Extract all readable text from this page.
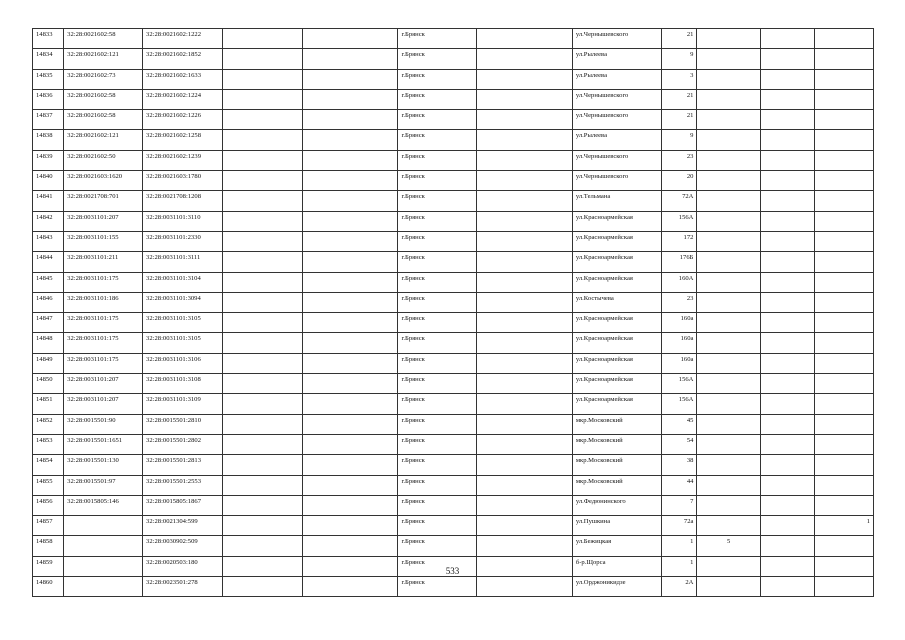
14833	32:28:0021602:58	32:28:0021602:1222			г.Брянск		ул.Чернышевского	21			
14834	32:28:0021602:121	32:28:0021602:1852			г.Брянск		ул.Рылеева	9			
14835	32:28:0021602:73	32:28:0021602:1633			г.Брянск		ул.Рылеева	3			
14836	32:28:0021602:58	32:28:0021602:1224			г.Брянск		ул.Чернышевского	21			
14837	32:28:0021602:58	32:28:0021602:1226			г.Брянск		ул.Чернышевского	21			
14838	32:28:0021602:121	32:28:0021602:1258			г.Брянск		ул.Рылеева	9			
14839	32:28:0021602:50	32:28:0021602:1239			г.Брянск		ул.Чернышевского	23			
14840	32:28:0021603:1620	32:28:0021603:1780			г.Брянск		ул.Чернышевского	20			
14841	32:28:0021708:701	32:28:0021708:1208			г.Брянск		ул.Тельмана	72А			
14842	32:28:0031101:207	32:28:0031101:3110			г.Брянск		ул.Красноармейская	156А			
14843	32:28:0031101:155	32:28:0031101:2330			г.Брянск		ул.Красноармейская	172			
14844	32:28:0031101:211	32:28:0031101:3111			г.Брянск		ул.Красноармейская	176Б			
14845	32:28:0031101:175	32:28:0031101:3104			г.Брянск		ул.Красноармейская	160А			
14846	32:28:0031101:186	32:28:0031101:3094			г.Брянск		ул.Костычева	23			
14847	32:28:0031101:175	32:28:0031101:3105			г.Брянск		ул.Красноармейская	160а			
14848	32:28:0031101:175	32:28:0031101:3105			г.Брянск		ул.Красноармейская	160а			
14849	32:28:0031101:175	32:28:0031101:3106			г.Брянск		ул.Красноармейская	160а			
14850	32:28:0031101:207	32:28:0031101:3108			г.Брянск		ул.Красноармейская	156А			
14851	32:28:0031101:207	32:28:0031101:3109			г.Брянск		ул.Красноармейская	156А			
14852	32:28:0015501:90	32:28:0015501:2810			г.Брянск		мкр.Московский	45			
14853	32:28:0015501:1651	32:28:0015501:2802			г.Брянск		мкр.Московский	54			
14854	32:28:0015501:130	32:28:0015501:2813			г.Брянск		мкр.Московский	38			
14855	32:28:0015501:97	32:28:0015501:2553			г.Брянск		мкр.Московский	44			
14856	32:28:0015805:146	32:28:0015805:1867			г.Брянск		ул.Федюнинского	7			
14857		32:28:0021304:599			г.Брянск		ул.Пушкина	72а			1
14858		32:28:0030902:509			г.Брянск		ул.Бежицкая	1	5		
14859		32:28:0020503:180			г.Брянск		б-р.Щорса	1			
14860		32:28:0023501:278			г.Брянск		ул.Орджоникидзе	2А			
533
